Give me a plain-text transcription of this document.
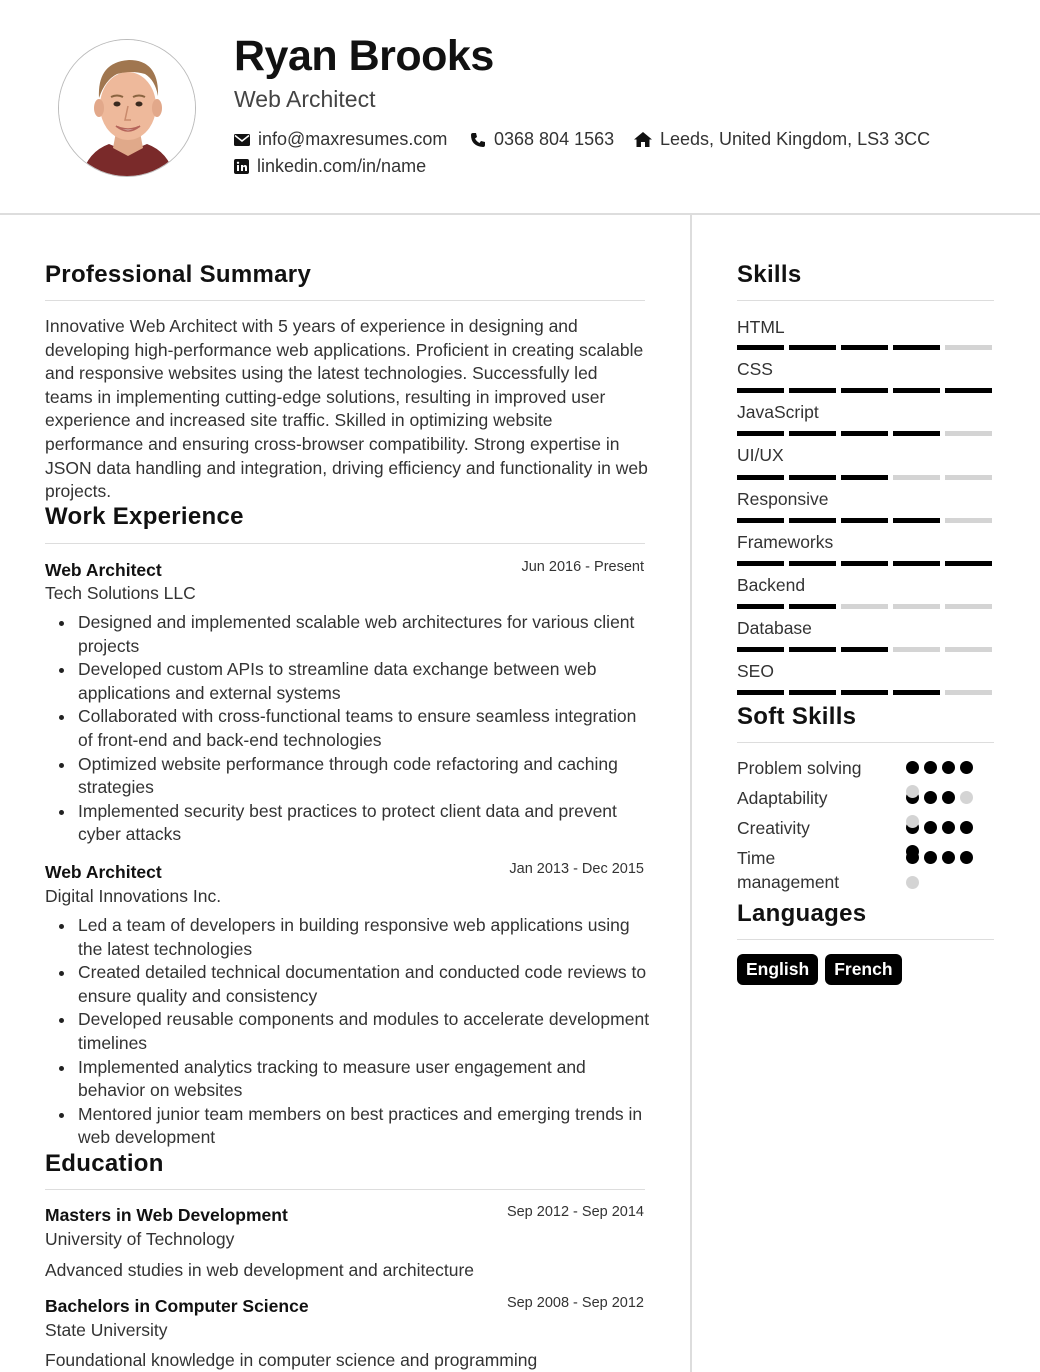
Ryan Brooks
Web Architect
info@maxresumes.com	0368 804 1563	Leeds, United Kingdom, LS3 3CC
linkedin.com/in/name
Professional Summary

Innovative Web Architect with 5 years of experience in designing and developing high-performance web applications. Proficient in creating scalable and responsive websites using the latest technologies. Successfully led teams in implementing cutting-edge solutions, resulting in improved user experience and increased site traffic. Skilled in optimizing website performance and ensuring cross-browser compatibility. Strong expertise in JSON data handling and integration, driving efficiency and functionality in web projects.

Work Experience
Web Architect	Jun 2016 - Present
Tech Solutions LLC
Designed and implemented scalable web architectures for various client projects
Developed custom APIs to streamline data exchange between web applications and external systems
Collaborated with cross-functional teams to ensure seamless integration of front-end and back-end technologies
Optimized website performance through code refactoring and caching strategies
Implemented security best practices to protect client data and prevent cyber attacks
Web Architect	Jan 2013 - Dec 2015
Digital Innovations Inc.
Led a team of developers in building responsive web applications using the latest technologies
Created detailed technical documentation and conducted code reviews to ensure quality and consistency
Developed reusable components and modules to accelerate development timelines
Implemented analytics tracking to measure user engagement and behavior on websites
Mentored junior team members on best practices and emerging trends in web development
Education
Masters in Web Development	Sep 2012 - Sep 2014
University of Technology
Advanced studies in web development and architecture
Bachelors in Computer Science	Sep 2008 - Sep 2012
State University
Foundational knowledge in computer science and programming
Skills
HTML
CSS
JavaScript
UI/UX
Responsive
Frameworks
Backend
Database
SEO
Soft Skills
Problem solving
Adaptability
Creativity
Time management
Languages
English	French
